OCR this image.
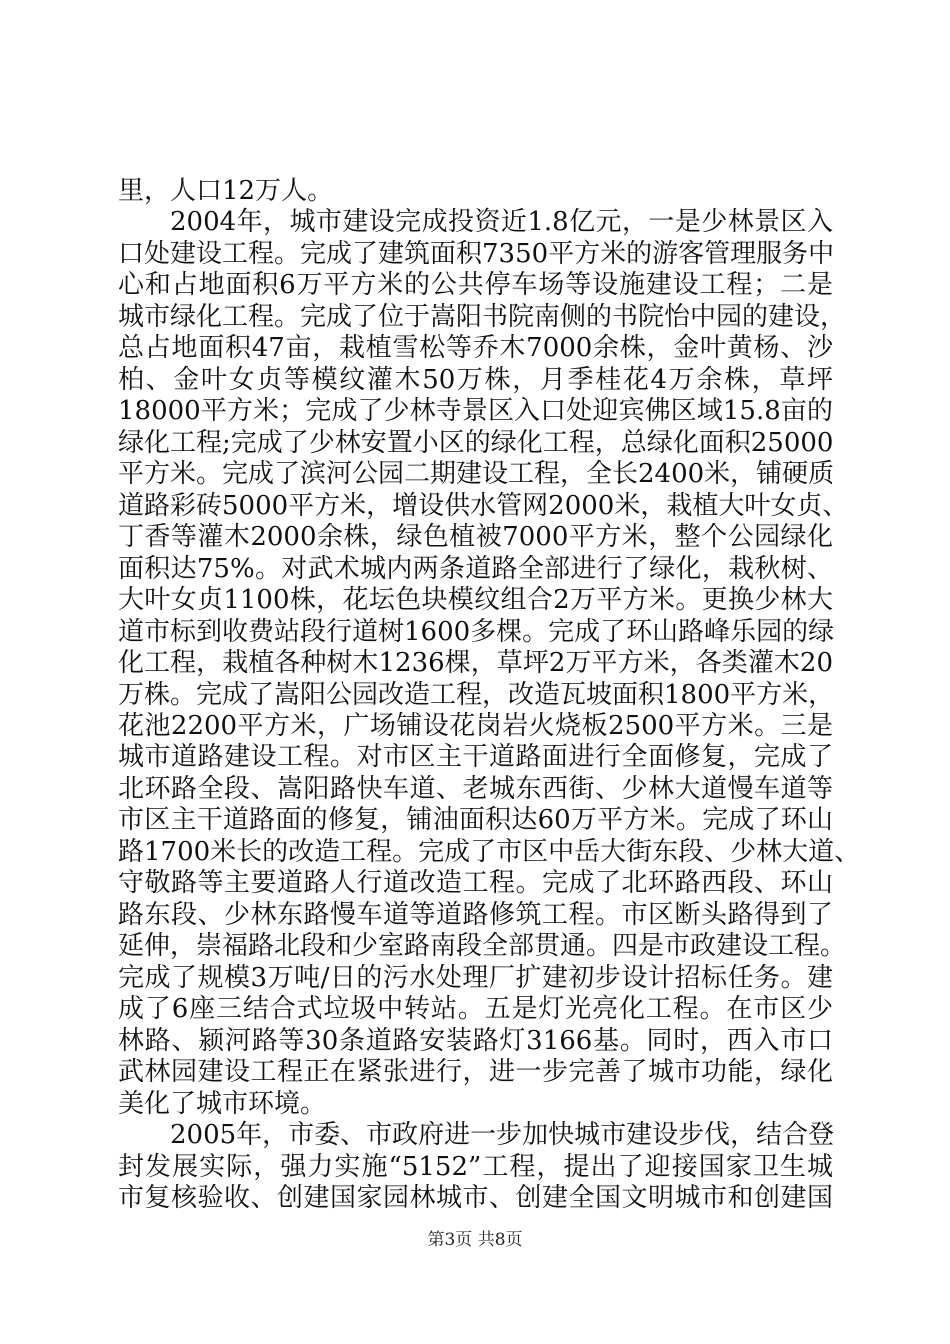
里，人口12万人。
2004年，城市建设完成投资近1.8亿元，一是少林景区入
口处建设工程。完成了建筑面积7350平方米的游客管理服务中
心和占地面积6万平方米的公共停车场等设施建设工程；二是
城市绿化工程。完成了位于嵩阳书院南侧的书院怡中园的建设，
总占地面积47亩，栽植雪松等乔木7000余株，金叶黄杨、沙
柏、金叶女贞等模纹灌木50万株，月季桂花4万余株，草坪
18000平方米；完成了少林寺景区入口处迎宾佛区域15.8亩的
绿化工程;完成了少林安置小区的绿化工程，总绿化面积25000
平方米。完成了滨河公园二期建设工程，全长2400米，铺硬质
道路彩砖5000平方米，增设供水管网2000米，栽植大叶女贞、
丁香等灌木2000余株，绿色植被7000平方米，整个公园绿化
面积达75%。对武术城内两条道路全部进行了绿化，栽秋树、
大叶女贞1100株，花坛色块模纹组合2万平方米。更换少林大
道市标到收费站段行道树1600多棵。完成了环山路峰乐园的绿
化工程，栽植各种树木1236棵，草坪2万平方米，各类灌木20
万株。完成了嵩阳公园改造工程，改造瓦坡面积1800平方米，
花池2200平方米，广场铺设花岗岩火烧板2500平方米。三是
城市道路建设工程。对市区主干道路面进行全面修复，完成了
北环路全段、嵩阳路快车道、老城东西街、少林大道慢车道等
市区主干道路面的修复，铺油面积达60万平方米。完成了环山
路1700米长的改造工程。完成了市区中岳大街东段、少林大道、
守敬路等主要道路人行道改造工程。完成了北环路西段、环山
路东段、少林东路慢车道等道路修筑工程。市区断头路得到了
延伸，崇福路北段和少室路南段全部贯通。四是市政建设工程。
完成了规模3万吨/日的污水处理厂扩建初步设计招标任务。建
成了6座三结合式垃圾中转站。五是灯光亮化工程。在市区少
林路、颍河路等30条道路安装路灯3166基。同时，西入市口
武林园建设工程正在紧张进行，进一步完善了城市功能，绿化
美化了城市环境。
2005年，市委、市政府进一步加快城市建设步伐，结合登
封发展实际，强力实施“5152”工程，提出了迎接国家卫生城
市复核验收、创建国家园林城市、创建全国文明城市和创建国
第3页 共8页
